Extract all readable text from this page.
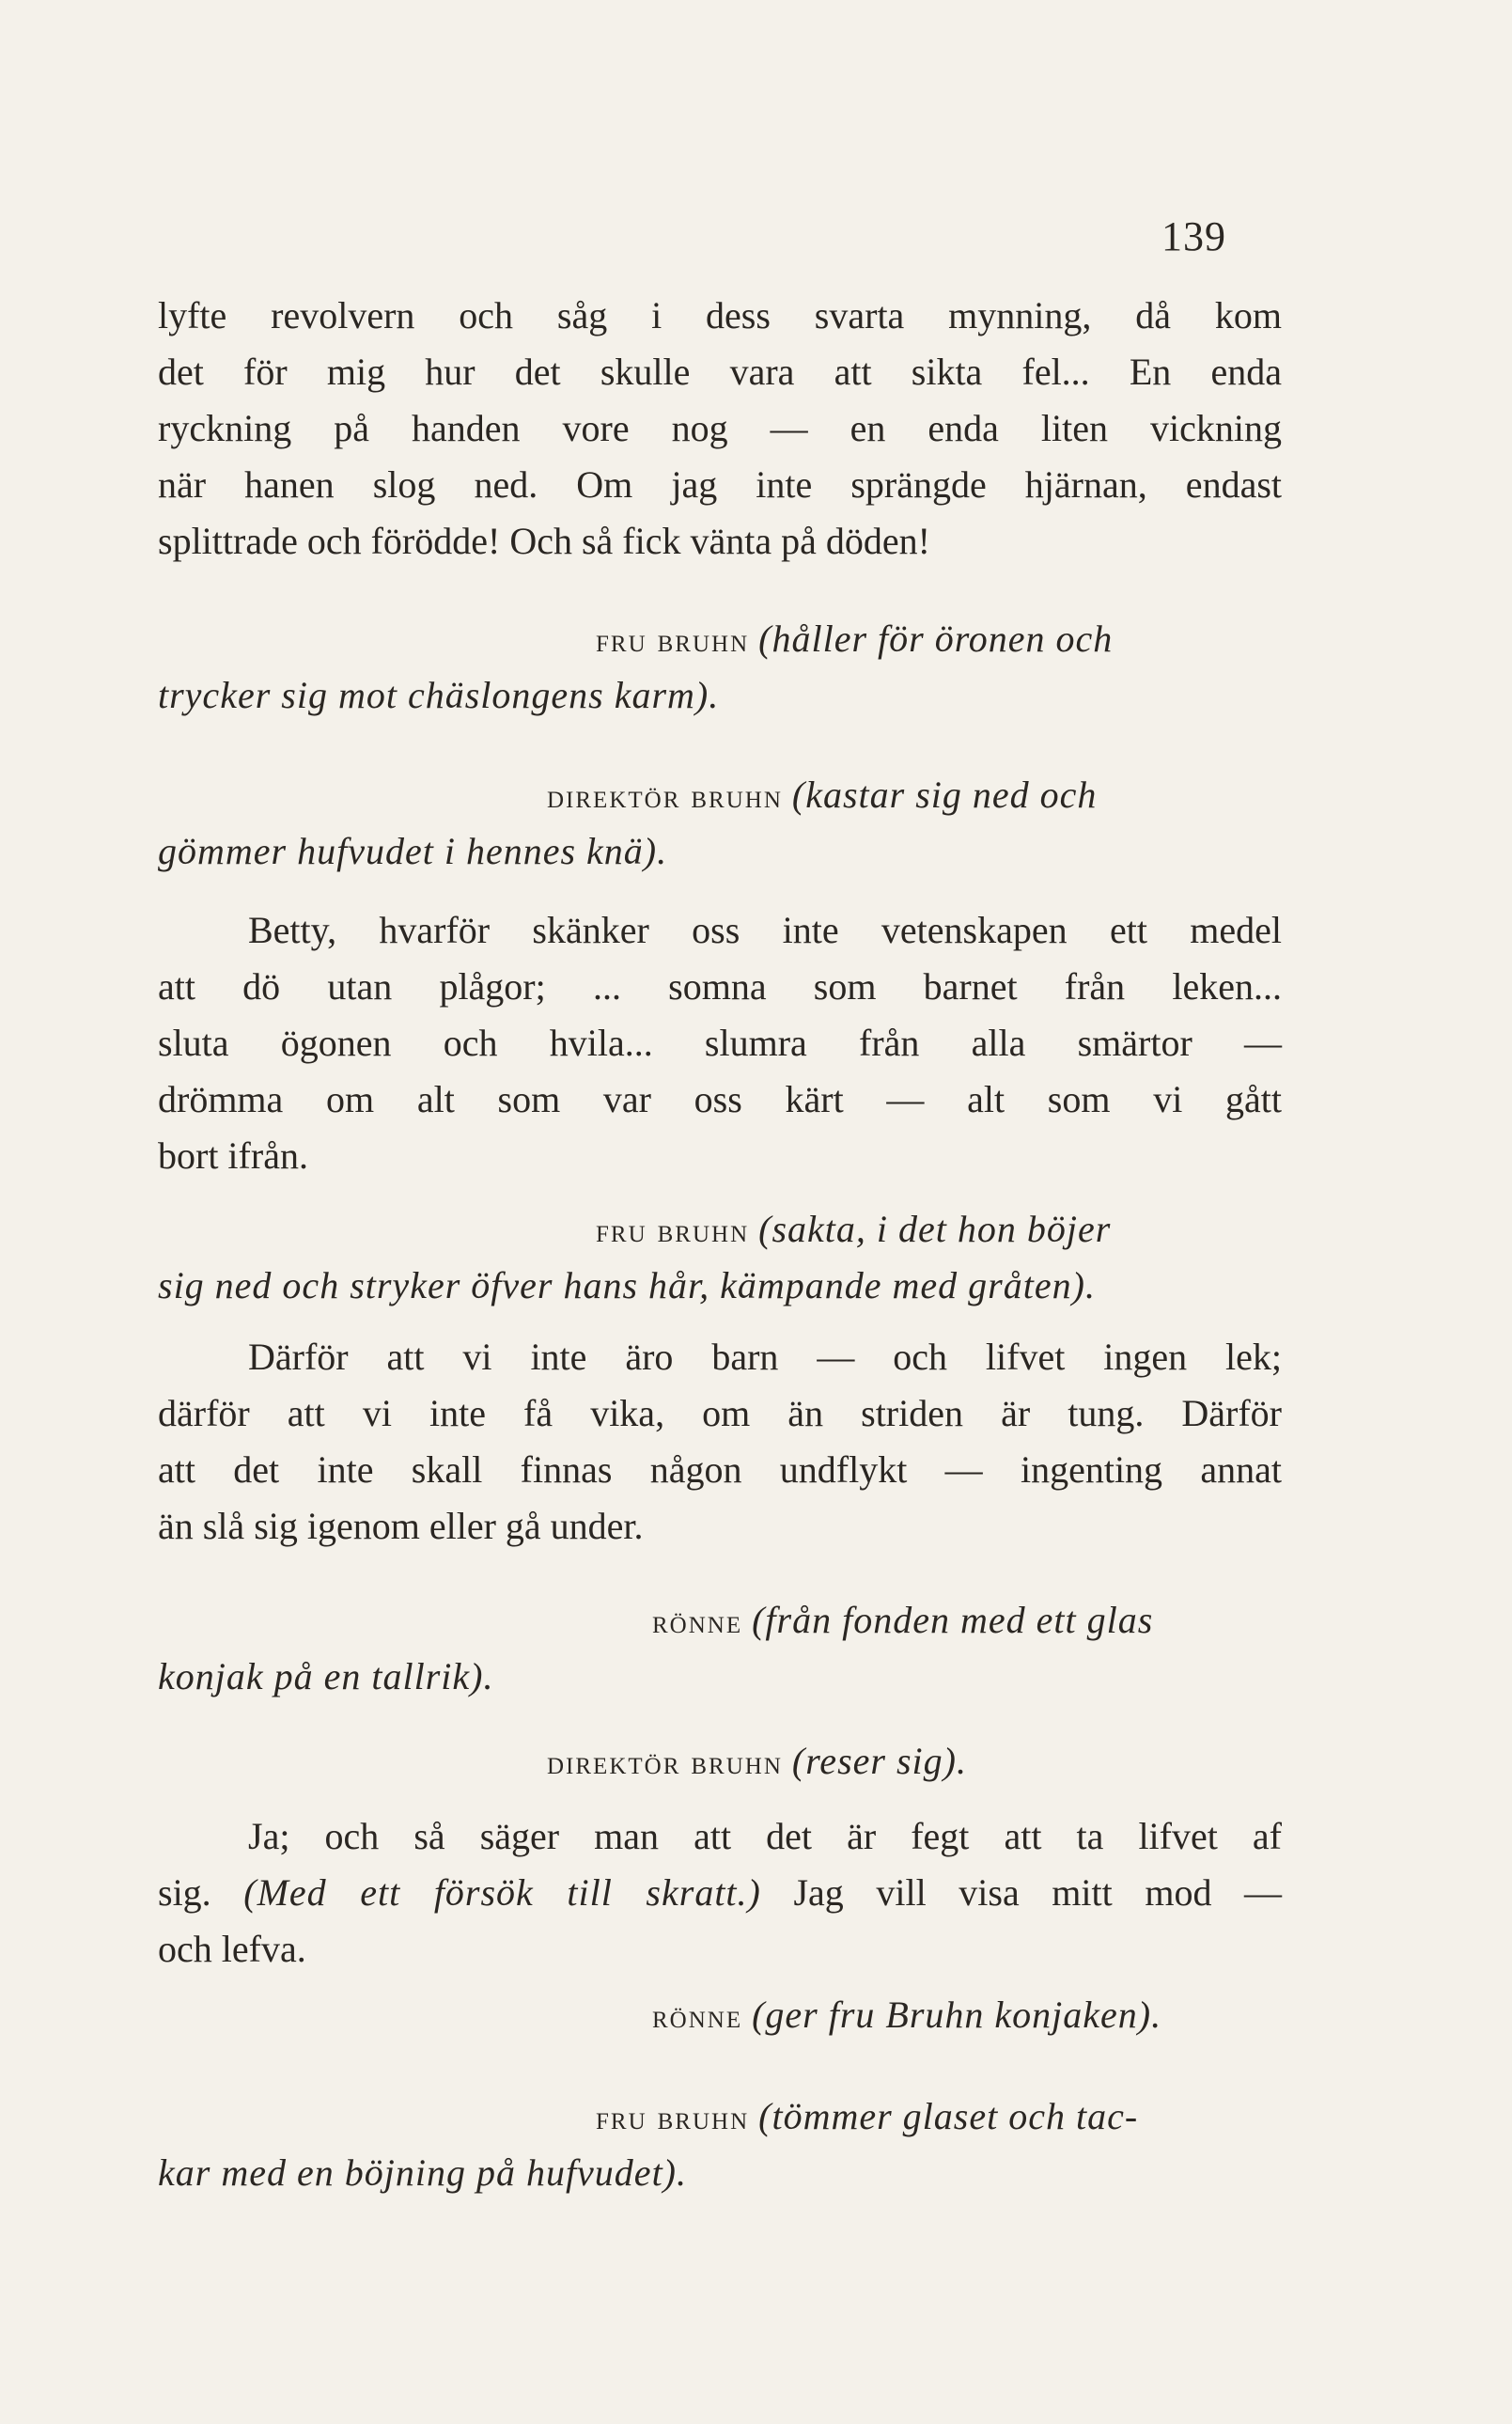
139
lyfte revolvern och såg i dess svarta mynning, då kom
det för mig hur det skulle vara att sikta fel... En enda
ryckning på handen vore nog — en enda liten vickning
när hanen slog ned. Om jag inte sprängde hjärnan, endast
splittrade och förödde! Och så fick vänta på döden!
fru bruhn (håller för öronen och
trycker sig mot chäslongens karm).
direktör bruhn (kastar sig ned och
gömmer hufvudet i hennes knä).
Betty, hvarför skänker oss inte vetenskapen ett medel
att dö utan plågor; ... somna som barnet från leken...
sluta ögonen och hvila... slumra från alla smärtor —
drömma om alt som var oss kärt — alt som vi gått
bort ifrån.
fru bruhn (sakta, i det hon böjer
sig ned och stryker öfver hans hår, kämpande med gråten).
Därför att vi inte äro barn — och lifvet ingen lek;
därför att vi inte få vika, om än striden är tung. Därför
att det inte skall finnas någon undflykt — ingenting annat
än slå sig igenom eller gå under.
rönne (från fonden med ett glas
konjak på en tallrik).
direktör bruhn (reser sig).
Ja; och så säger man att det är fegt att ta lifvet af
sig. (Med ett försök till skratt.) Jag vill visa mitt mod —
och lefva.
rönne (ger fru Bruhn konjaken).
fru bruhn (tömmer glaset och tac-
kar med en böjning på hufvudet).
